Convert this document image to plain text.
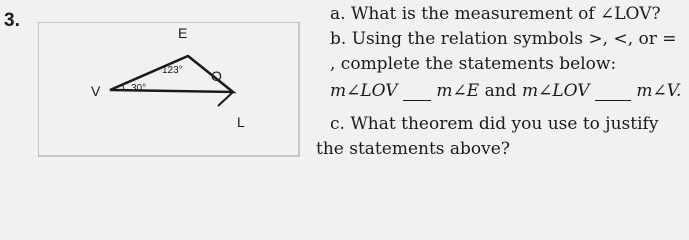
3.
E
O
V
L
123°
30°
a. What is the measurement of ∠LOV?
b. Using the relation symbols >, <, or =
, complete the statements below:
m∠LOV m∠E and m∠LOV	m∠V.
c. What theorem did you use to justify
the statements above?
